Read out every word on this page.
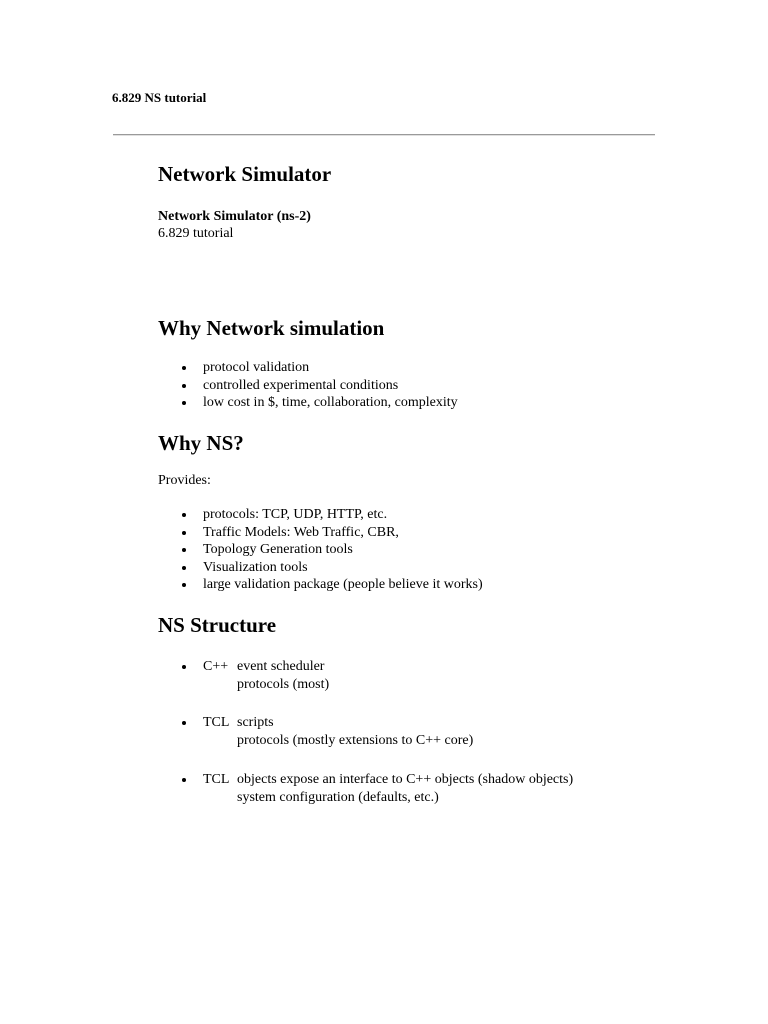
6.829 NS tutorial
Network Simulator
Network Simulator (ns-2)
6.829 tutorial
Why Network simulation
protocol validation
controlled experimental conditions
low cost in $, time, collaboration, complexity
Why NS?
Provides:
protocols: TCP, UDP, HTTP, etc.
Traffic Models: Web Traffic, CBR,
Topology Generation tools
Visualization tools
large validation package (people believe it works)
NS Structure
C++ event scheduler
protocols (most)
TCL scripts
protocols (mostly extensions to C++ core)
TCL objects expose an interface to C++ objects (shadow objects)
system configuration (defaults, etc.)
